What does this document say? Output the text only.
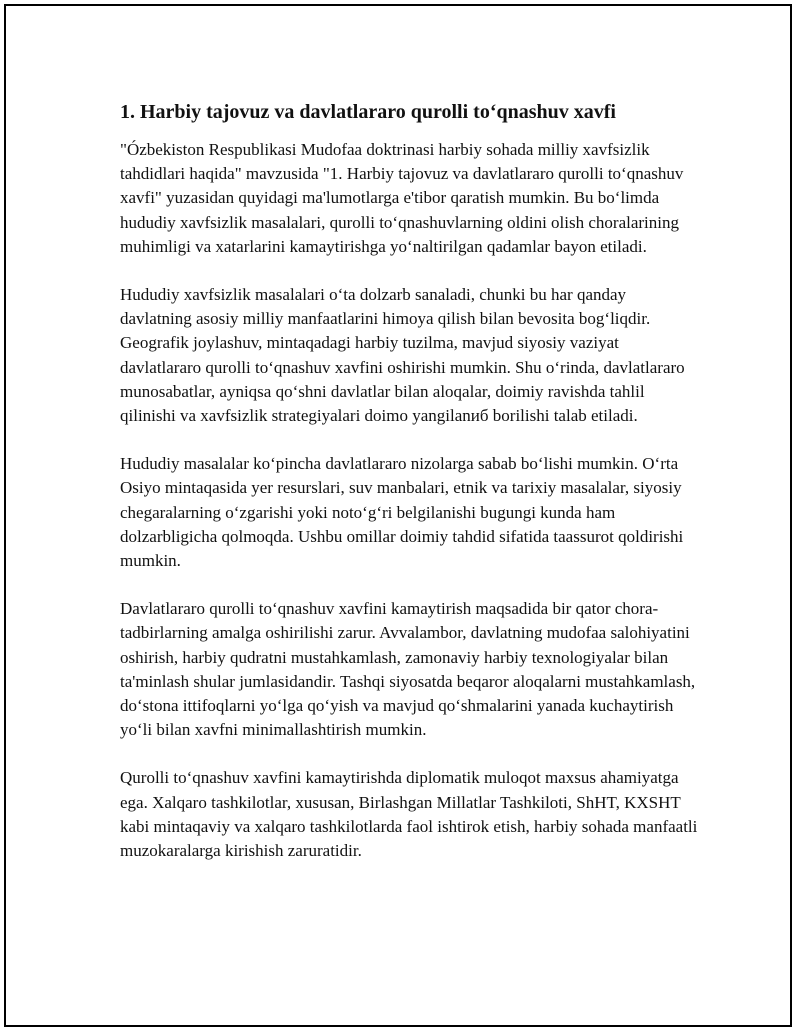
1. Harbiy tajovuz va davlatlararo qurolli to‘qnashuv xavfi

"Ózbekiston Respublikasi Mudofaa doktrinasi harbiy sohada milliy xavfsizlik tahdidlari haqida" mavzusida "1. Harbiy tajovuz va davlatlararo qurolli to‘qnashuv xavfi" yuzasidan quyidagi ma'lumotlarga e'tibor qaratish mumkin. Bu bo‘limda hududiy xavfsizlik masalalari, qurolli to‘qnashuvlarning oldini olish choralarining muhimligi va xatarlarini kamaytirishga yo‘naltirilgan qadamlar bayon etiladi.

Hududiy xavfsizlik masalalari o‘ta dolzarb sanaladi, chunki bu har qanday davlatning asosiy milliy manfaatlarini himoya qilish bilan bevosita bog‘liqdir. Geografik joylashuv, mintaqadagi harbiy tuzilma, mavjud siyosiy vaziyat davlatlararo qurolli to‘qnashuv xavfini oshirishi mumkin. Shu o‘rinda, davlatlararo munosabatlar, ayniqsa qo‘shni davlatlar bilan aloqalar, doimiy ravishda tahlil qilinishi va xavfsizlik strategiyalari doimo yangilanиб borilishi talab etiladi.

Hududiy masalalar ko‘pincha davlatlararo nizolarga sabab bo‘lishi mumkin. O‘rta Osiyo mintaqasida yer resurslari, suv manbalari, etnik va tarixiy masalalar, siyosiy chegaralarning o‘zgarishi yoki noto‘g‘ri belgilanishi bugungi kunda ham dolzarbligicha qolmoqda. Ushbu omillar doimiy tahdid sifatida taassurot qoldirishi mumkin.

Davlatlararo qurolli to‘qnashuv xavfini kamaytirish maqsadida bir qator chora-tadbirlarning amalga oshirilishi zarur. Avvalambor, davlatning mudofaa salohiyatini oshirish, harbiy qudratni mustahkamlash, zamonaviy harbiy texnologiyalar bilan ta'minlash shular jumlasidandir. Tashqi siyosatda beqaror aloqalarni mustahkamlash, do‘stona ittifoqlarni yo‘lga qo‘yish va mavjud qo‘shmalarini yanada kuchaytirish yo‘li bilan xavfni minimallashtirish mumkin.

Qurolli to‘qnashuv xavfini kamaytirishda diplomatik muloqot maxsus ahamiyatga ega. Xalqaro tashkilotlar, xususan, Birlashgan Millatlar Tashkiloti, ShHT, KXSHT kabi mintaqaviy va xalqaro tashkilotlarda faol ishtirok etish, harbiy sohada manfaatli muzokaralarga kirishish zaruratidir.
